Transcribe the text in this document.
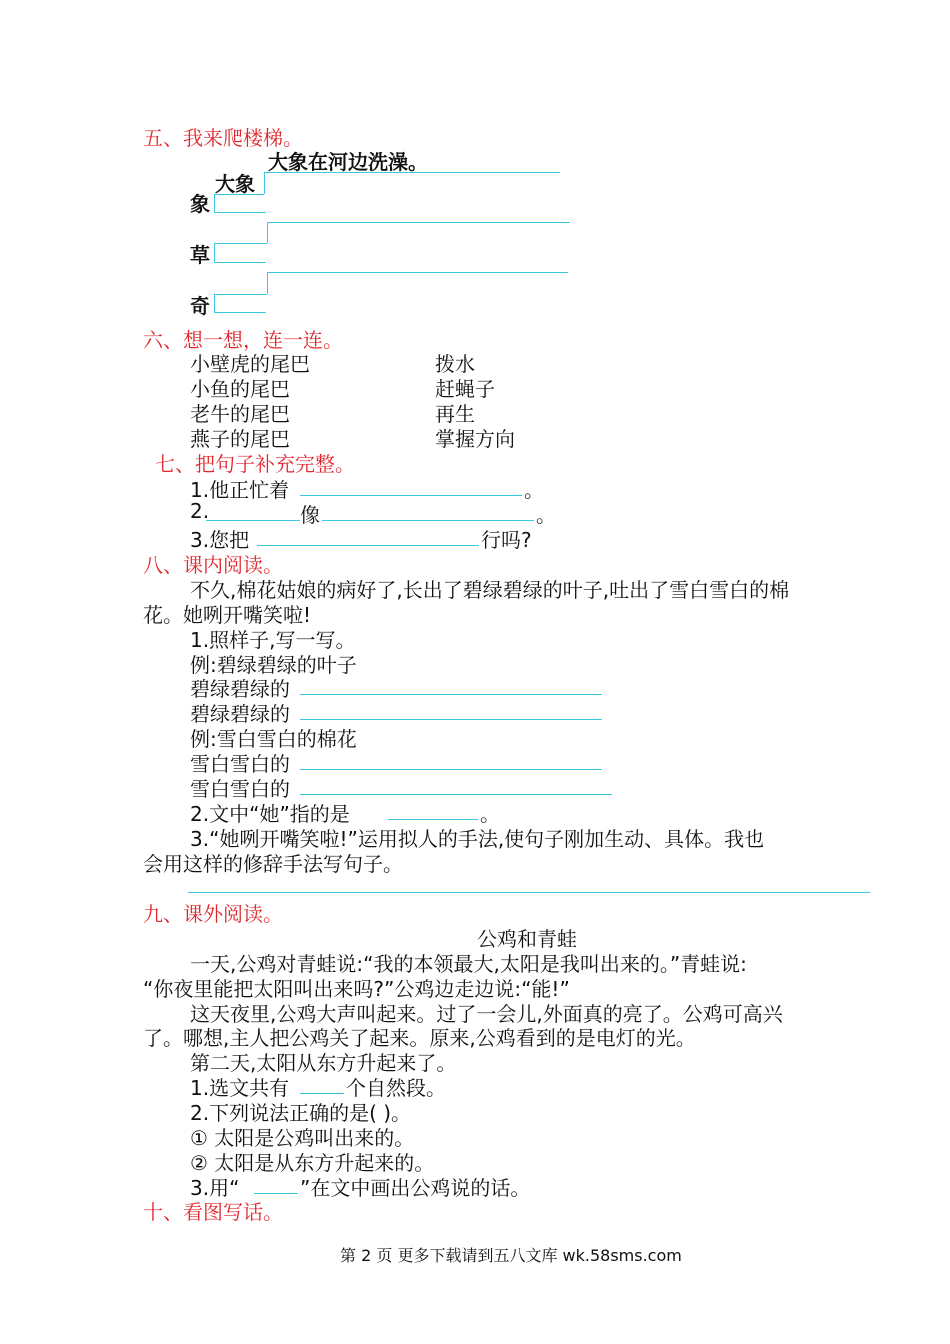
五、我来爬楼梯。
大象在河边洗澡。
大象
象
草
奇
六、想一想，连一连。
小壁虎的尾巴
小鱼的尾巴
老牛的尾巴
燕子的尾巴
拨水
赶蝇子
再生
掌握方向
七、把句子补充完整。
1.他正忙着	。
2.	像	。
3.您把	行吗?
八、课内阅读。
不久,棉花姑娘的病好了,长出了碧绿碧绿的叶子,吐出了雪白雪白的棉
花。她咧开嘴笑啦!
1.照样子,写一写。
例:碧绿碧绿的叶子
碧绿碧绿的
碧绿碧绿的
例:雪白雪白的棉花
雪白雪白的
雪白雪白的
2.文中“她”指的是	。
3.“她咧开嘴笑啦!”运用拟人的手法,使句子刚加生动、具体。我也
会用这样的修辞手法写句子。
九、课外阅读。
公鸡和青蛙
一天,公鸡对青蛙说:“我的本领最大,太阳是我叫出来的。”青蛙说:
“你夜里能把太阳叫出来吗?”公鸡边走边说:“能!”
这天夜里,公鸡大声叫起来。过了一会儿,外面真的亮了。公鸡可高兴
了。哪想,主人把公鸡关了起来。原来,公鸡看到的是电灯的光。
第二天,太阳从东方升起来了。
1.选文共有	个自然段。
2.下列说法正确的是( )。
① 太阳是公鸡叫出来的。
② 太阳是从东方升起来的。
3.用“	”在文中画出公鸡说的话。
十、看图写话。
第 2 页 更多下载请到五八文库 wk.58sms.com
